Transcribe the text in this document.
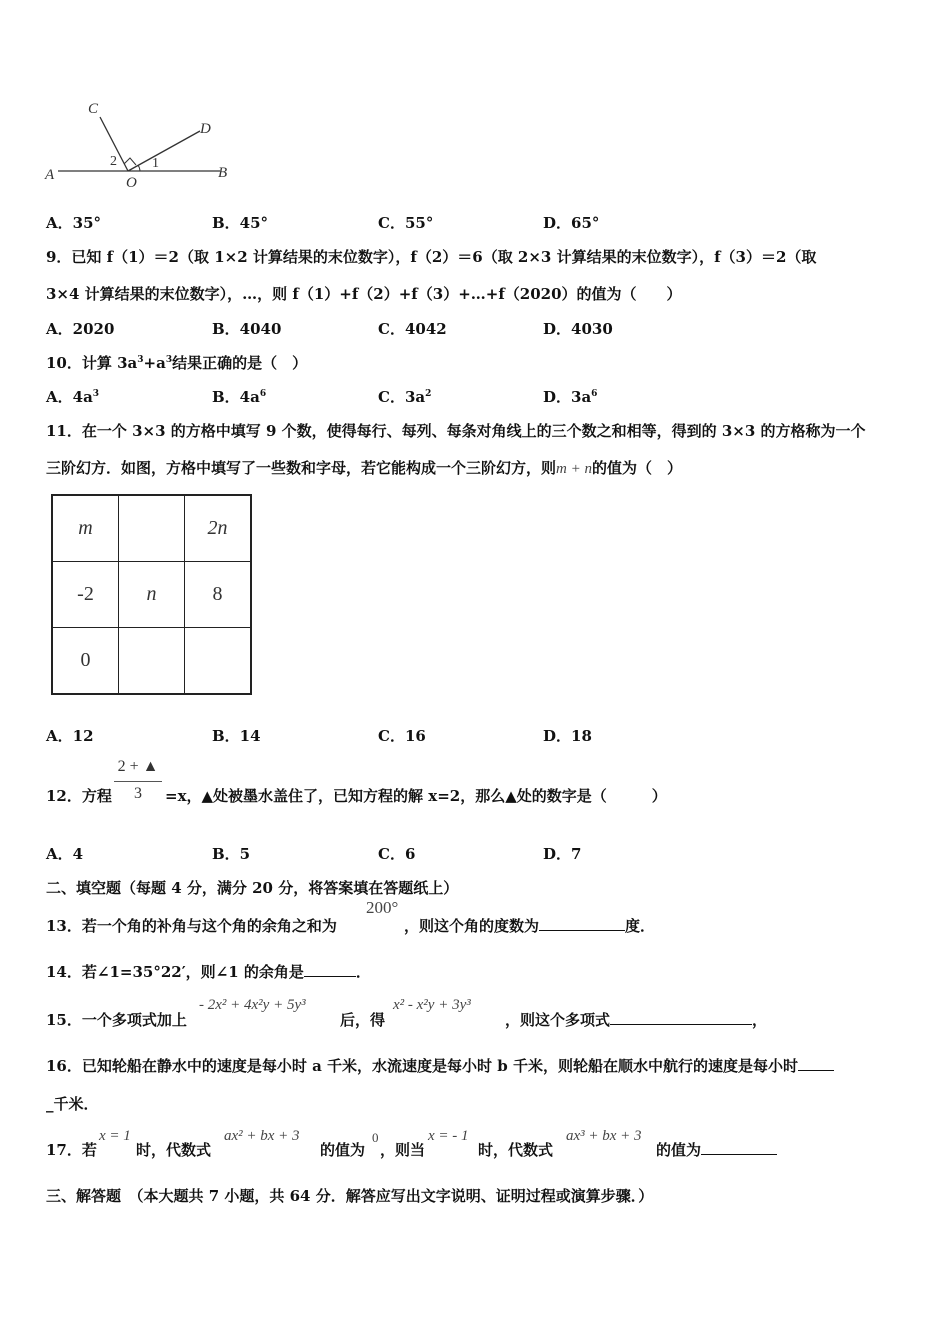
C
D
A	B
O
1
2
A．35°	B．45°	C．55°	D．65°
9．已知 f（1）＝2（取 1×2 计算结果的末位数字），f（2）＝6（取 2×3 计算结果的末位数字），f（3）＝2（取
3×4 计算结果的末位数字），…，则 f（1）+f（2）+f（3）+…+f（2020）的值为（　　）
A．2020	B．4040	C．4042	D．4030
10．计算 $3a^3+a^3$结果正确的是（　）
A．$4a^3$	B．$4a^6$	C．$3a^2$	D．$3a^6$
11．在一个 3×3 的方格中填写 9 个数，使得每行、每列、每条对角线上的三个数之和相等，得到的 3×3 的方格称为一个
三阶幻方．如图，方格中填写了一些数和字母，若它能构成一个三阶幻方，则m + n的值为（　）
m		2n
-2	n	8
0		
A．12	B．14	C．16	D．18
12．方程
2 + ▲
3	=x，▲处被墨水盖住了，已知方程的解 x=2，那么▲处的数字是（　　　）
A．4	B．5	C．6	D．7
二、填空题（每题 4 分，满分 20 分，将答案填在答题纸上）
13．若一个角的补角与这个角的余角之和为
200°
，则这个角的度数为	度．
14．若∠1=35°22′，则∠1 的余角是	．
15．一个多项式加上
- 2x² + 4x²y + 5y³
后，得
x² - x²y + 3y³
，则这个多项式	，
16．已知轮船在静水中的速度是每小时 a 千米，水流速度是每小时 b 千米，则轮船在顺水中航行的速度是每小时
_千米．
17．若
x = 1
时，代数式
ax² + bx + 3
的值为
0
，则当
x = - 1
时，代数式
ax³ + bx + 3
的值为
三、解答题　（本大题共 7 小题，共 64 分．解答应写出文字说明、证明过程或演算步骤．）
